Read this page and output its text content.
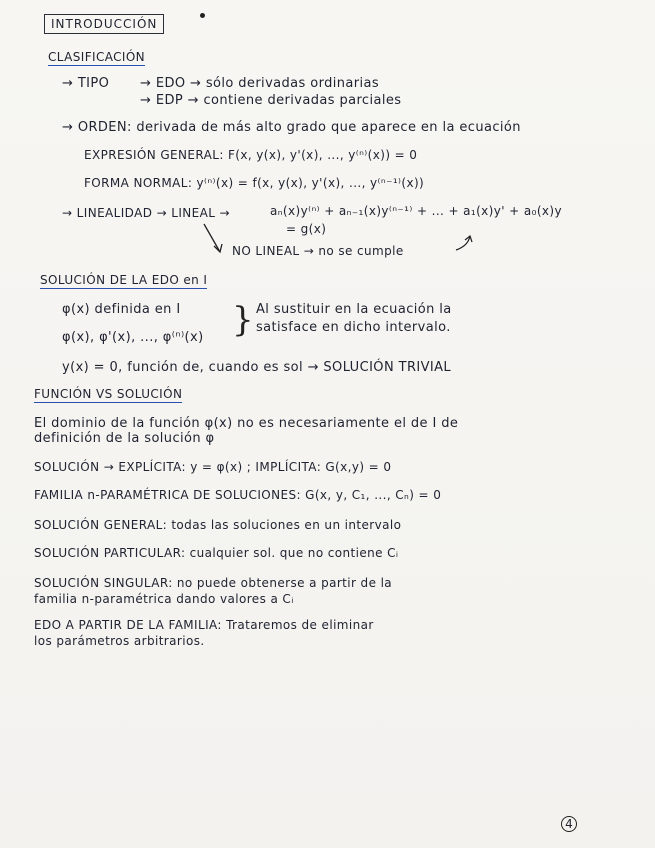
INTRODUCCIÓN
CLASIFICACIÓN
→ TIPO → EDO → sólo derivadas ordinarias
→ EDP → contiene derivadas parciales
→ ORDEN: derivada de más alto grado que aparece en la ecuación
EXPRESIÓN GENERAL: F(x, y(x), y'(x), ..., y⁽ⁿ⁾(x)) = 0
FORMA NORMAL: y⁽ⁿ⁾(x) = f(x, y(x), y'(x), ..., y⁽ⁿ⁻¹⁾(x))
→ LINEALIDAD → LINEAL →	aₙ(x)y⁽ⁿ⁾ + aₙ₋₁(x)y⁽ⁿ⁻¹⁾ + ... + a₁(x)y' + a₀(x)y
= g(x)
NO LINEAL → no se cumple
SOLUCIÓN DE LA EDO en I
φ(x) definida en I
φ(x), φ'(x), ..., φ⁽ⁿ⁾(x) } Al sustituir en la ecuación la
satisface en dicho intervalo.
y(x) = 0, función de, cuando es sol → SOLUCIÓN TRIVIAL
FUNCIÓN VS SOLUCIÓN
El dominio de la función φ(x) no es necesariamente el de I de
definición de la solución φ
SOLUCIÓN → EXPLÍCITA: y = φ(x) ; IMPLÍCITA: G(x,y) = 0
FAMILIA n-PARAMÉTRICA DE SOLUCIONES: G(x, y, C₁, ..., Cₙ) = 0
SOLUCIÓN GENERAL: todas las soluciones en un intervalo
SOLUCIÓN PARTICULAR: cualquier sol. que no contiene Cᵢ
SOLUCIÓN SINGULAR: no puede obtenerse a partir de la
familia n-paramétrica dando valores a Cᵢ
EDO A PARTIR DE LA FAMILIA: Trataremos de eliminar
los parámetros arbitrarios.
4
